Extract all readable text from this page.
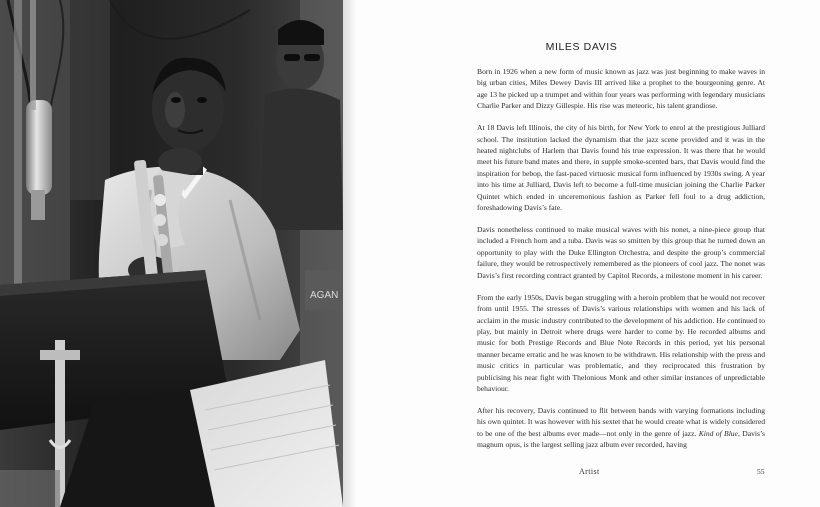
AGAN
MILES DAVIS

Born in 1926 when a new form of music known as jazz was just beginning to make waves in big urban cities, Miles Dewey Davis III arrived like a prophet to the bourgeoning genre. At age 13 he picked up a trumpet and within four years was performing with legendary musicians Charlie Parker and Dizzy Gillespie. His rise was meteoric, his talent grandiose.

At 18 Davis left Illinois, the city of his birth, for New York to enrol at the prestigious Julliard school. The institution lacked the dynamism that the jazz scene provided and it was in the heated nightclubs of Harlem that Davis found his true expression. It was there that he would meet his future band mates and there, in supple smoke-scented bars, that Davis would find the inspiration for bebop, the fast-paced virtuosic musical form influenced by 1930s swing. A year into his time at Julliard, Davis left to become a full-time musician joining the Charlie Parker Quintet which ended in unceremonious fashion as Parker fell foul to a drug addiction, foreshadowing Davis’s fate.

Davis nonetheless continued to make musical waves with his nonet, a nine-piece group that included a French horn and a tuba. Davis was so smitten by this group that he turned down an opportunity to play with the Duke Ellington Orchestra, and despite the group’s commercial failure, they would be retrospectively remembered as the pioneers of cool jazz. The nonet was Davis’s first recording contract granted by Capitol Records, a milestone moment in his career.

From the early 1950s, Davis began struggling with a heroin problem that he would not recover from until 1955. The stresses of Davis’s various relationships with women and his lack of acclaim in the music industry contributed to the development of his addiction. He continued to play, but mainly in Detroit where drugs were harder to come by. He recorded albums and music for both Prestige Records and Blue Note Records in this period, yet his personal manner became erratic and he was known to be withdrawn. His relationship with the press and music critics in particular was problematic, and they reciprocated this frustration by publicising his near fight with Thelonious Monk and other similar instances of unpredictable behaviour.

After his recovery, Davis continued to flit between bands with varying formations including his own quintet. It was however with his sextet that he would create what is widely considered to be one of the best albums ever made—not only in the genre of jazz. Kind of Blue, Davis’s magnum opus, is the largest selling jazz album ever recorded, having

Artist	55
